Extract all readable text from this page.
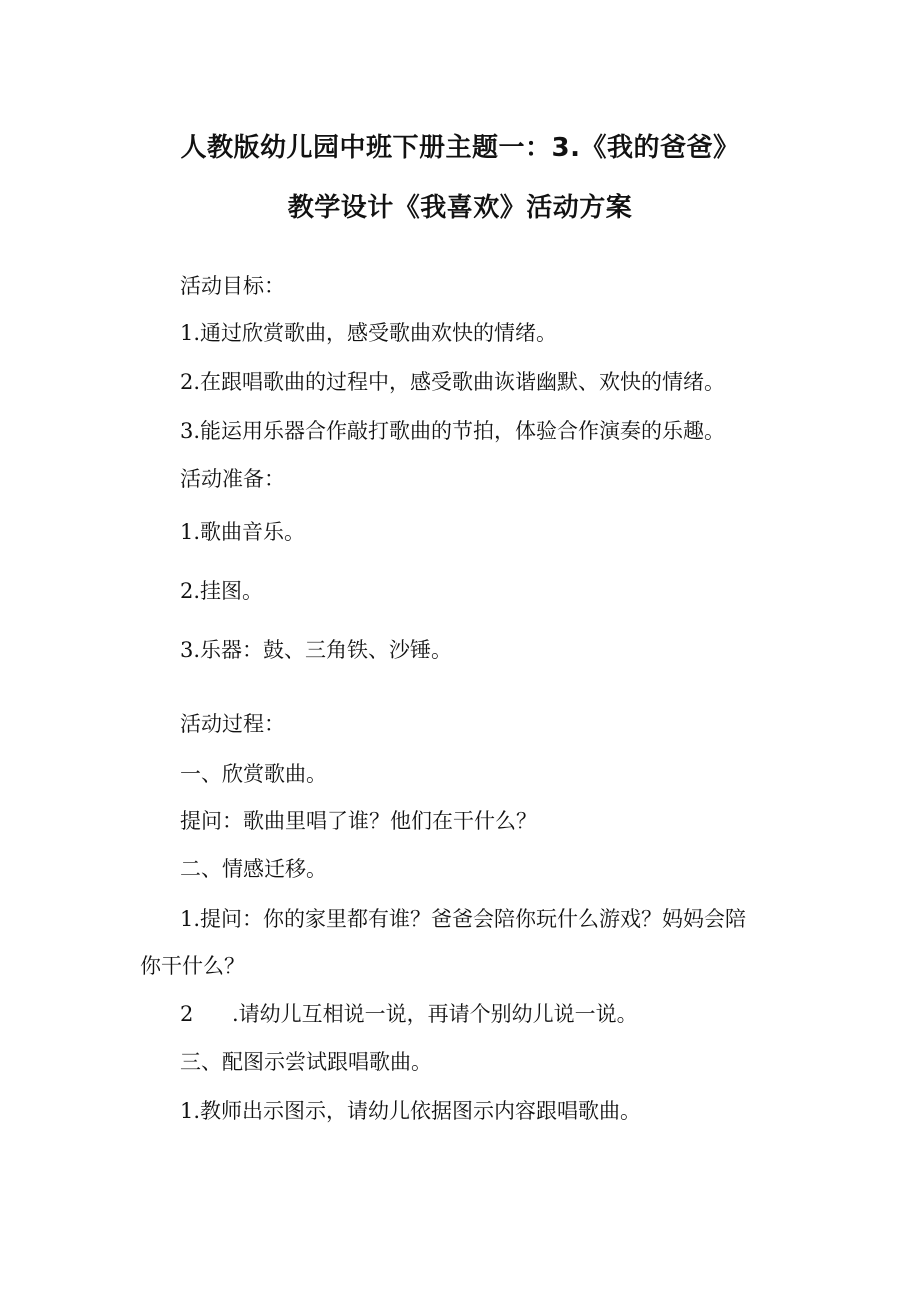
人教版幼儿园中班下册主题一：3.《我的爸爸》
教学设计《我喜欢》活动方案
活动目标：
1.通过欣赏歌曲，感受歌曲欢快的情绪。
2.在跟唱歌曲的过程中，感受歌曲诙谐幽默、欢快的情绪。
3.能运用乐器合作敲打歌曲的节拍，体验合作演奏的乐趣。
活动准备：
1.歌曲音乐。
2.挂图。
3.乐器：鼓、三角铁、沙锤。
活动过程：
一、欣赏歌曲。
提问：歌曲里唱了谁？他们在干什么？
二、情感迁移。
1.提问：你的家里都有谁？爸爸会陪你玩什么游戏？妈妈会陪
你干什么？
2 .请幼儿互相说一说，再请个别幼儿说一说。
三、配图示尝试跟唱歌曲。
1.教师出示图示，请幼儿依据图示内容跟唱歌曲。
